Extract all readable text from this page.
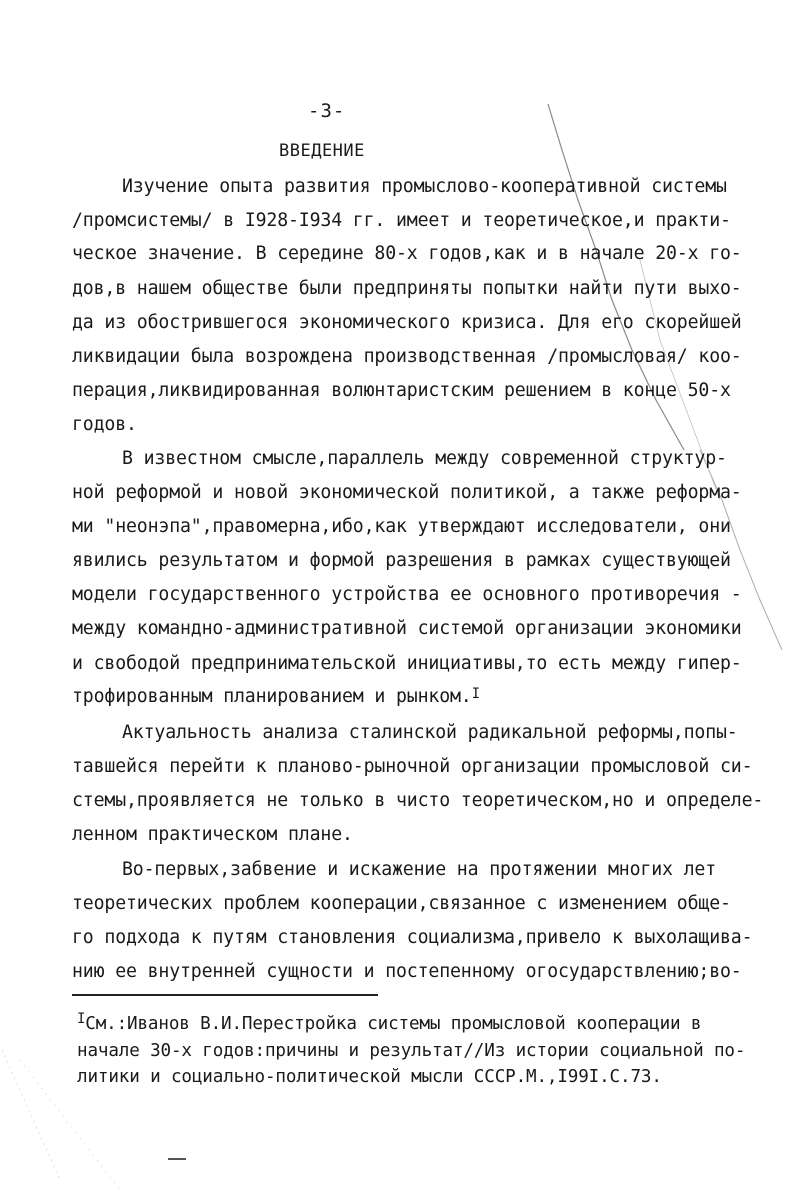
-3-
ВВЕДЕНИЕ
Изучение опыта развития промыслово-кооперативной системы
/промсистемы/ в I928-I934 гг. имеет и теоретическое,и практи-
ческое значение. В середине 80-х годов,как и в начале 20-х го-
дов,в нашем обществе были предприняты попытки найти пути выхо-
да из обострившегося экономического кризиса. Для его скорейшей
ликвидации была возрождена производственная /промысловая/ коо-
перация,ликвидированная волюнтаристским решением в конце 50-х
годов.
В известном смысле,параллель между современной структур-
ной реформой и новой экономической политикой, а также реформа-
ми "неонэпа",правомерна,ибо,как утверждают исследователи, они
явились результатом и формой разрешения в рамках существующей
модели государственного устройства ее основного противоречия -
между командно-административной системой организации экономики
и свободой предпринимательской инициативы,то есть между гипер-
трофированным планированием и рынком.$^I$
Актуальность анализа сталинской радикальной реформы,попы-
тавшейся перейти к планово-рыночной организации промысловой си-
стемы,проявляется не только в чисто теоретическом,но и определе-
ленном практическом плане.
Во-первых,забвение и искажение на протяжении многих лет
теоретических проблем кооперации,связанное с изменением обще-
го подхода к путям становления социализма,привело к выхолащива-
нию ее внутренней сущности и постепенному огосударствлению;во-
$^I$См.:Иванов В.И.Перестройка системы промысловой кооперации в
начале 30-х годов:причины и результат//Из истории социальной по-
литики и социально-политической мысли СССР.М.,I99I.С.73.
